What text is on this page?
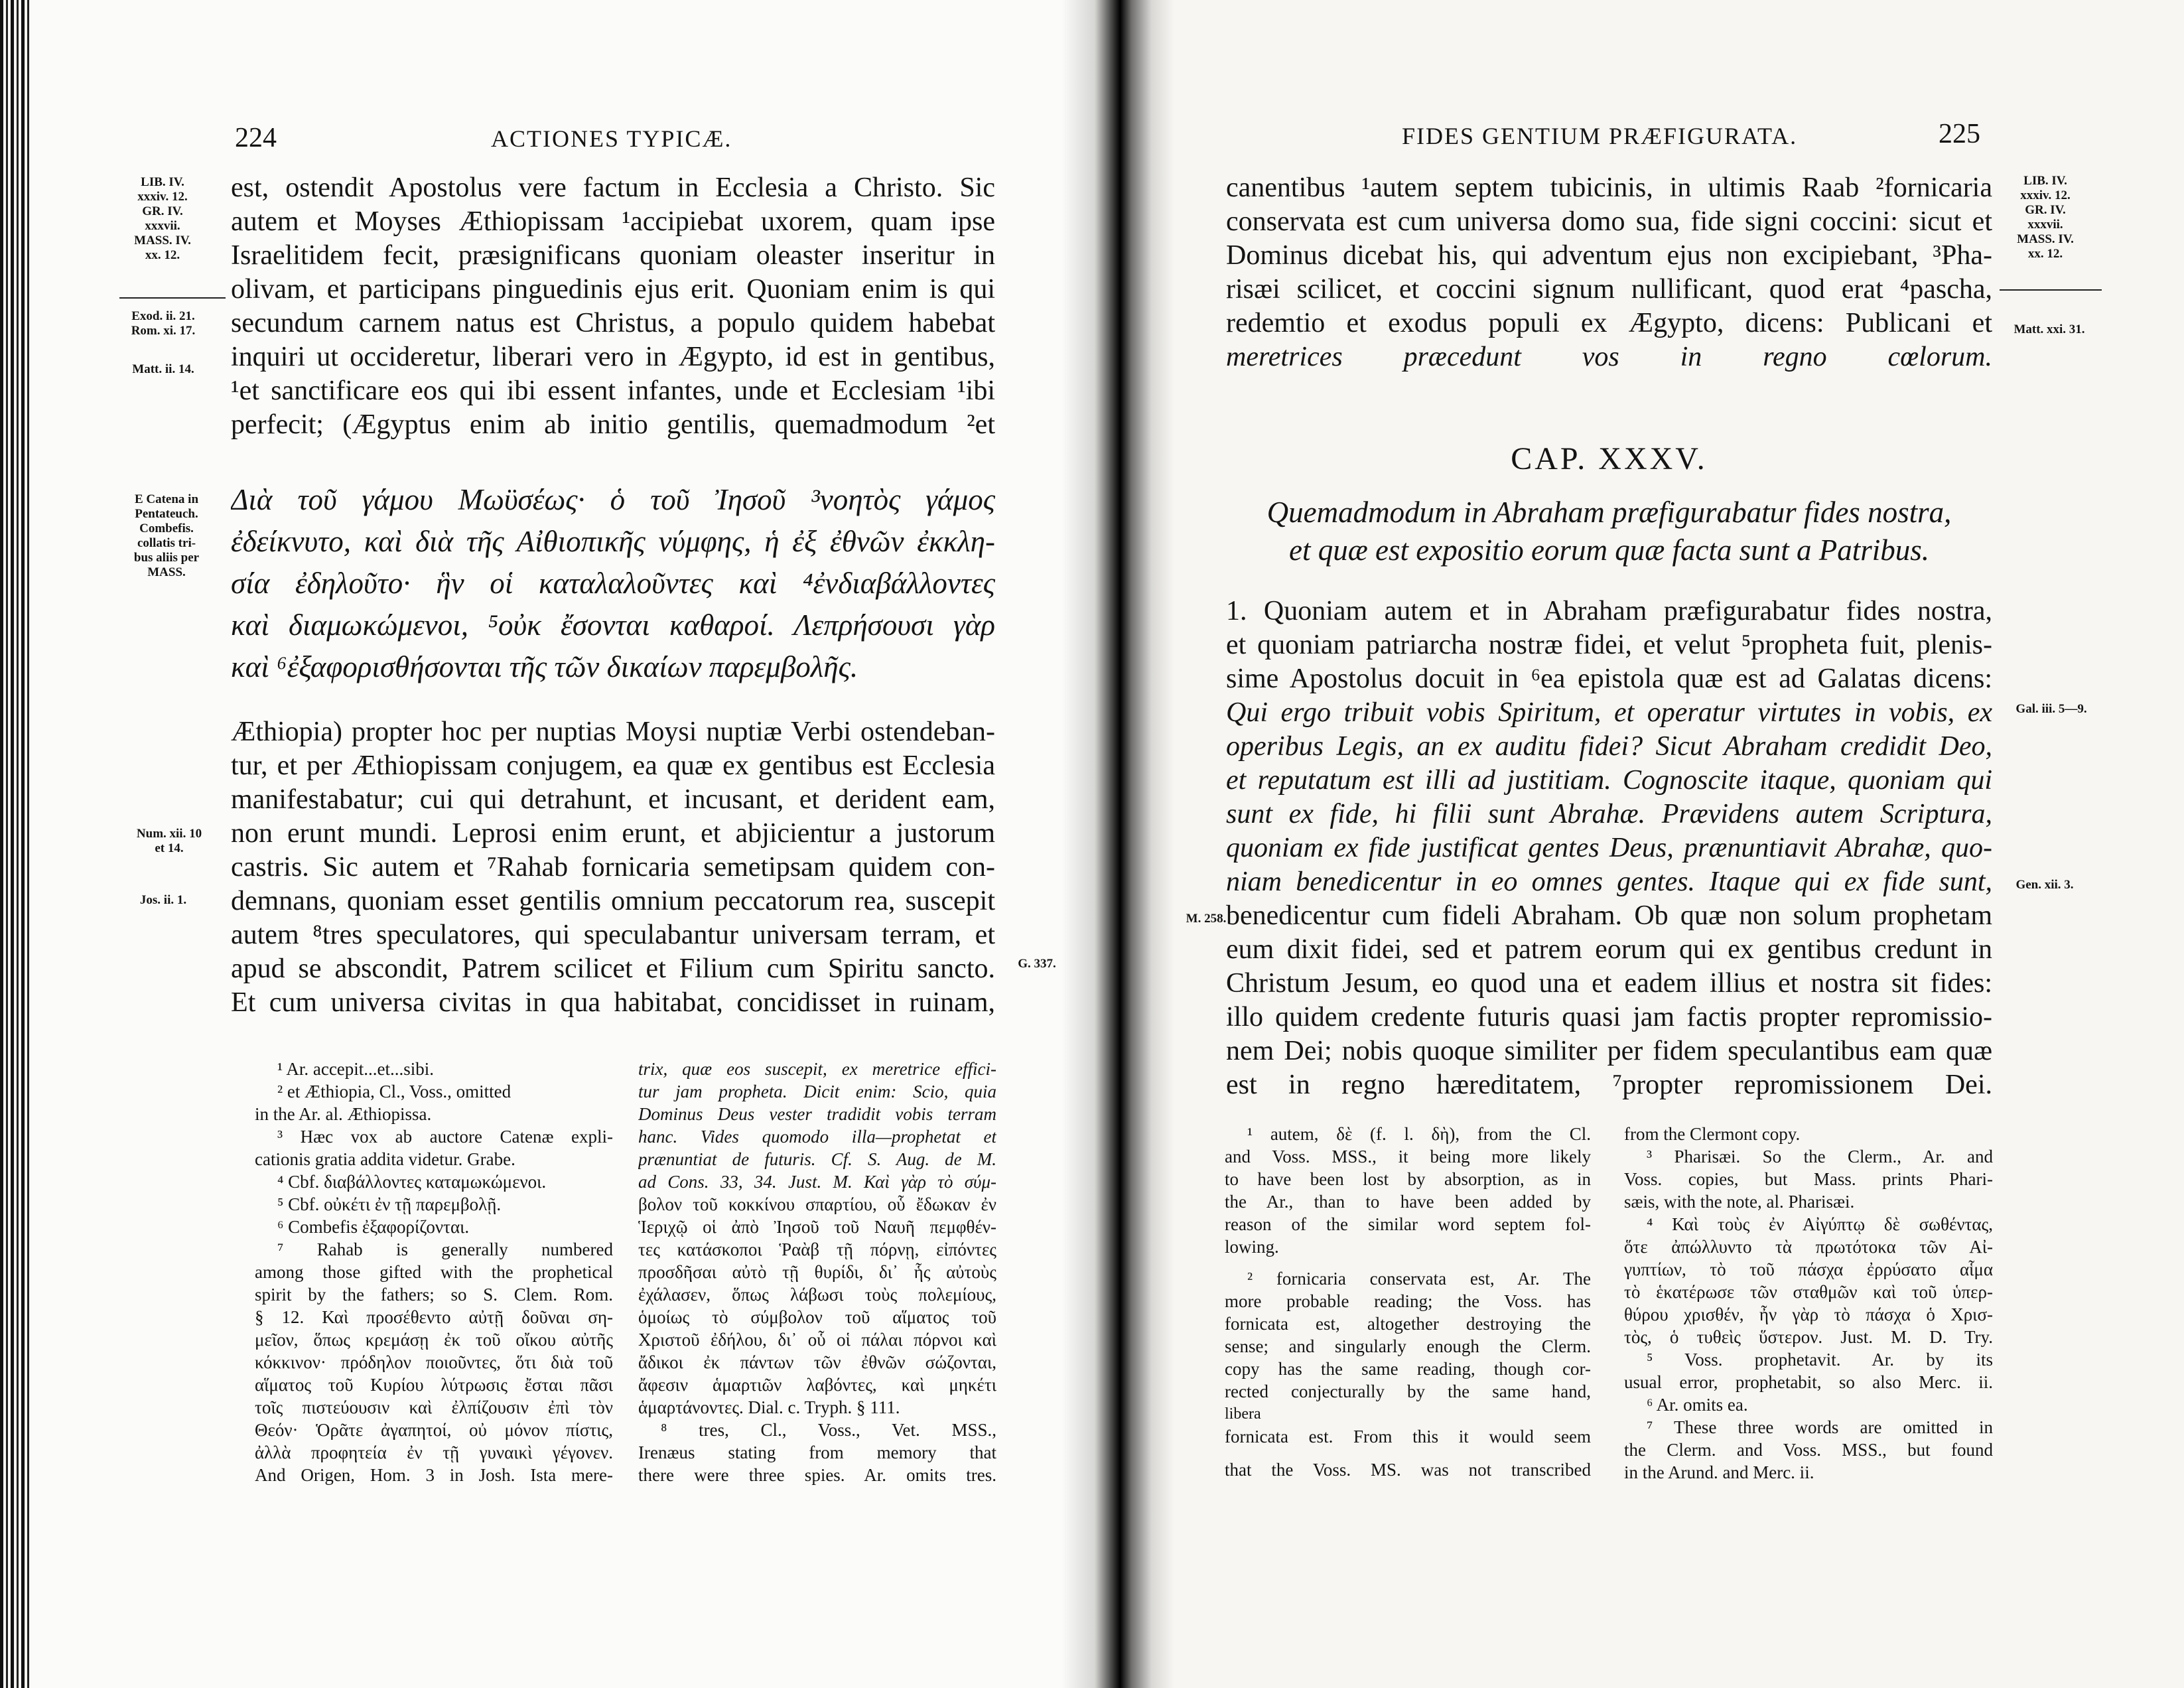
224	ACTIONES TYPICÆ.
LIB. IV.
xxxiv. 12.
GR. IV.
xxxvii.
MASS. IV.
xx. 12.
Exod. ii. 21.
Rom. xi. 17.
Matt. ii. 14.
E Catena in
Pentateuch.
Combefis.
collatis tri-
bus aliis per
MASS.
Num. xii. 10
et 14.
Jos. ii. 1.
G. 337.
est, ostendit Apostolus vere factum in Ecclesia a Christo. Sic
autem et Moyses Æthiopissam ¹accipiebat uxorem, quam ipse
Israelitidem fecit, præsignificans quoniam oleaster inseritur in
olivam, et participans pinguedinis ejus erit. Quoniam enim is qui
secundum carnem natus est Christus, a populo quidem habebat
inquiri ut occideretur, liberari vero in Ægypto, id est in gentibus,
¹et sanctificare eos qui ibi essent infantes, unde et Ecclesiam ¹ibi
perfecit; (Ægyptus enim ab initio gentilis, quemadmodum ²et
Διὰ τοῦ γάμου Μωϋσέως· ὁ τοῦ Ἰησοῦ ³νοητὸς γάμος
ἐδείκνυτο, καὶ διὰ τῆς Αἰθιοπικῆς νύμφης, ἡ ἐξ ἐθνῶν ἐκκλη-
σία ἐδηλοῦτο· ἣν οἱ καταλαλοῦντες καὶ ⁴ἐνδιαβάλλοντες
καὶ διαμωκώμενοι, ⁵οὐκ ἔσονται καθαροί. Λεπρήσουσι γὰρ
καὶ ⁶ἐξαφορισθήσονται τῆς τῶν δικαίων παρεμβολῆς.
Æthiopia) propter hoc per nuptias Moysi nuptiæ Verbi ostendeban-
tur, et per Æthiopissam conjugem, ea quæ ex gentibus est Ecclesia
manifestabatur; cui qui detrahunt, et incusant, et derident eam,
non erunt mundi. Leprosi enim erunt, et abjicientur a justorum
castris. Sic autem et ⁷Rahab fornicaria semetipsam quidem con-
demnans, quoniam esset gentilis omnium peccatorum rea, suscepit
autem ⁸tres speculatores, qui speculabantur universam terram, et
apud se abscondit, Patrem scilicet et Filium cum Spiritu sancto.
Et cum universa civitas in qua habitabat, concidisset in ruinam,
¹ Ar. accepit...et...sibi.
² et Æthiopia, Cl., Voss., omitted
in the Ar. al. Æthiopissa.
³ Hæc vox ab auctore Catenæ expli-
cationis gratia addita videtur. Grabe.
⁴ Cbf. διαβάλλοντες καταμωκώμενοι.
⁵ Cbf. οὐκέτι ἐν τῇ παρεμβολῇ.
⁶ Combefis ἐξαφορίζονται.
⁷ Rahab is generally numbered
among those gifted with the prophetical
spirit by the fathers; so S. Clem. Rom.
§ 12. Καὶ προσέθεντο αὐτῇ δοῦναι ση-
μεῖον, ὅπως κρεμάσῃ ἐκ τοῦ οἴκου αὐτῆς
κόκκινον· πρόδηλον ποιοῦντες, ὅτι διὰ τοῦ
αἵματος τοῦ Κυρίου λύτρωσις ἔσται πᾶσι
τοῖς πιστεύουσιν καὶ ἐλπίζουσιν ἐπὶ τὸν
Θεόν· Ὁρᾶτε ἀγαπητοί, οὐ μόνον πίστις,
ἀλλὰ προφητεία ἐν τῇ γυναικὶ γέγονεν.
And Origen, Hom. 3 in Josh. Ista mere-
trix, quæ eos suscepit, ex meretrice effici-
tur jam propheta. Dicit enim: Scio, quia
Dominus Deus vester tradidit vobis terram
hanc. Vides quomodo illa—prophetat et
prænuntiat de futuris. Cf. S. Aug. de M.
ad Cons. 33, 34. Just. M. Καὶ γὰρ τὸ σύμ-
βολον τοῦ κοκκίνου σπαρτίου, οὗ ἔδωκαν ἐν
Ἱεριχῷ οἱ ἀπὸ Ἰησοῦ τοῦ Ναυῆ πεμφθέν-
τες κατάσκοποι Ῥαὰβ τῇ πόρνῃ, εἰπόντες
προσδῆσαι αὐτὸ τῇ θυρίδι, δι᾽ ἧς αὐτοὺς
ἐχάλασεν, ὅπως λάβωσι τοὺς πολεμίους,
ὁμοίως τὸ σύμβολον τοῦ αἵματος τοῦ
Χριστοῦ ἐδήλου, δι᾽ οὗ οἱ πάλαι πόρνοι καὶ
ἄδικοι ἐκ πάντων τῶν ἐθνῶν σώζονται,
ἄφεσιν ἁμαρτιῶν λαβόντες, καὶ μηκέτι
ἁμαρτάνοντες. Dial. c. Tryph. § 111.
⁸ tres, Cl., Voss., Vet. MSS.,
Irenæus stating from memory that
there were three spies. Ar. omits tres.
FIDES GENTIUM PRÆFIGURATA.	225
LIB. IV.
xxxiv. 12.
GR. IV.
xxxvii.
MASS. IV.
xx. 12.
Matt. xxi. 31.
Gal. iii. 5—9.
Gen. xii. 3.
M. 258.
canentibus ¹autem septem tubicinis, in ultimis Raab ²fornicaria
conservata est cum universa domo sua, fide signi coccini: sicut et
Dominus dicebat his, qui adventum ejus non excipiebant, ³Pha-
risæi scilicet, et coccini signum nullificant, quod erat ⁴pascha,
redemtio et exodus populi ex Ægypto, dicens: Publicani et
meretrices præcedunt vos in regno cœlorum.
CAP. XXXV.
Quemadmodum in Abraham præfigurabatur fides nostra,
et quæ est expositio eorum quæ facta sunt a Patribus.
1. Quoniam autem et in Abraham præfigurabatur fides nostra,
et quoniam patriarcha nostræ fidei, et velut ⁵propheta fuit, plenis-
sime Apostolus docuit in ⁶ea epistola quæ est ad Galatas dicens:
Qui ergo tribuit vobis Spiritum, et operatur virtutes in vobis, ex
operibus Legis, an ex auditu fidei? Sicut Abraham credidit Deo,
et reputatum est illi ad justitiam. Cognoscite itaque, quoniam qui
sunt ex fide, hi filii sunt Abrahæ. Prævidens autem Scriptura,
quoniam ex fide justificat gentes Deus, prænuntiavit Abrahæ, quo-
niam benedicentur in eo omnes gentes. Itaque qui ex fide sunt,
benedicentur cum fideli Abraham. Ob quæ non solum prophetam
eum dixit fidei, sed et patrem eorum qui ex gentibus credunt in
Christum Jesum, eo quod una et eadem illius et nostra sit fides:
illo quidem credente futuris quasi jam factis propter repromissio-
nem Dei; nobis quoque similiter per fidem speculantibus eam quæ
est in regno hæreditatem, ⁷propter repromissionem Dei.
¹ autem, δὲ (f. l. δὴ), from the Cl.
and Voss. MSS., it being more likely
to have been lost by absorption, as in
the Ar., than to have been added by
reason of the similar word septem fol-
lowing.
² fornicaria conservata est, Ar. The
more probable reading; the Voss. has
fornicata est, altogether destroying the
sense; and singularly enough the Clerm.
copy has the same reading, though cor-
rected conjecturally by the same hand,
libera
fornicata est. From this it would seem
that the Voss. MS. was not transcribed
from the Clermont copy.
³ Pharisæi. So the Clerm., Ar. and
Voss. copies, but Mass. prints Phari-
sæis, with the note, al. Pharisæi.
⁴ Καὶ τοὺς ἐν Αἰγύπτῳ δὲ σωθέντας,
ὅτε ἀπώλλυντο τὰ πρωτότοκα τῶν Αἰ-
γυπτίων, τὸ τοῦ πάσχα ἐρρύσατο αἷμα
τὸ ἑκατέρωσε τῶν σταθμῶν καὶ τοῦ ὑπερ-
θύρου χρισθέν, ἦν γὰρ τὸ πάσχα ὁ Χρισ-
τὸς, ὁ τυθεὶς ὕστερον. Just. M. D. Try.
⁵ Voss. prophetavit. Ar. by its
usual error, prophetabit, so also Merc. ii.
⁶ Ar. omits ea.
⁷ These three words are omitted in
the Clerm. and Voss. MSS., but found
in the Arund. and Merc. ii.
